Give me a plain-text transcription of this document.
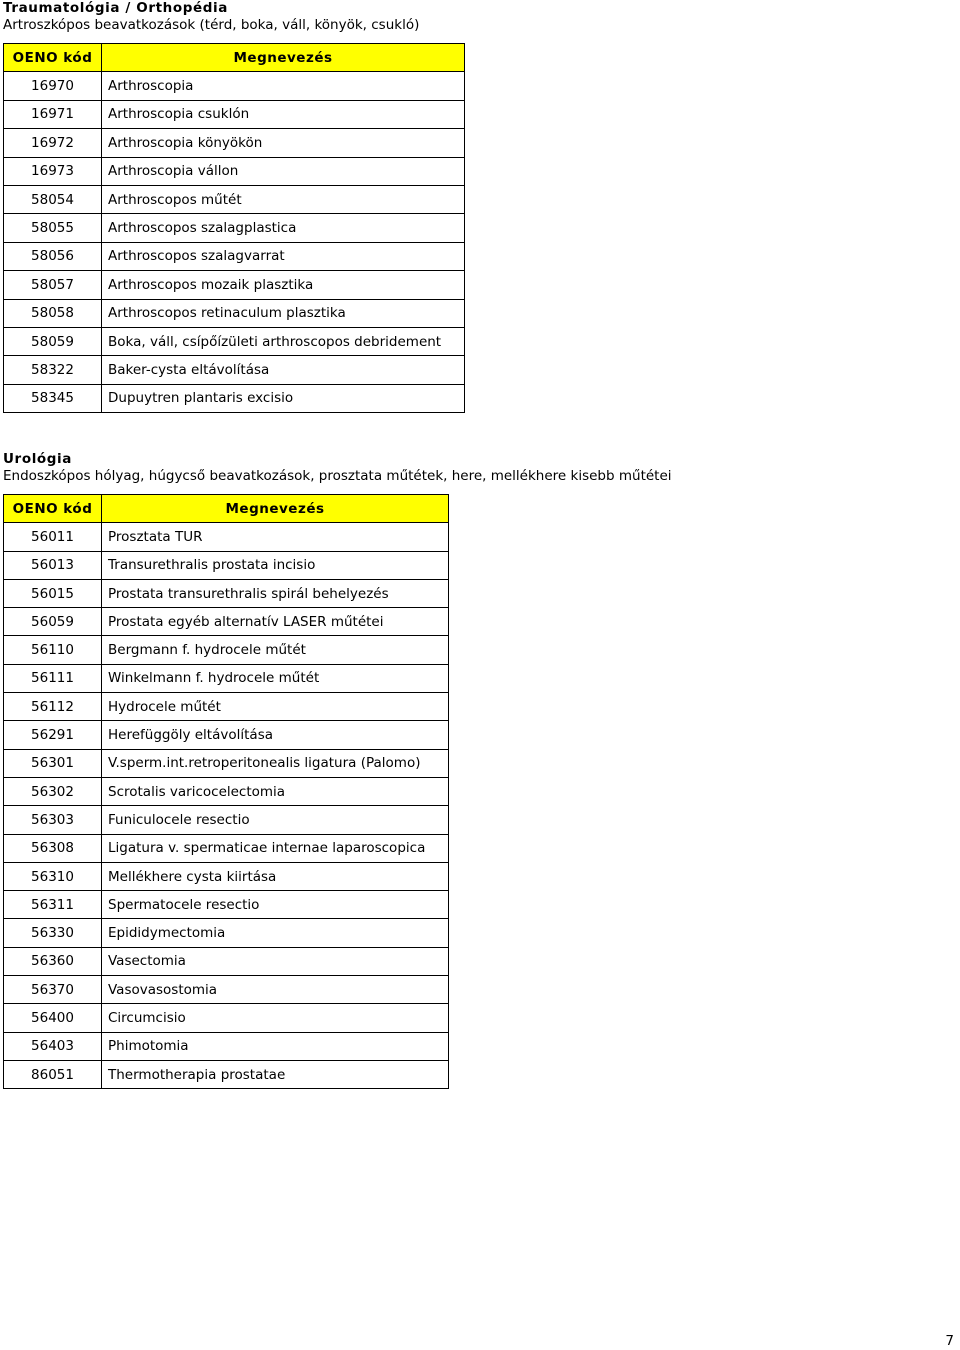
Traumatológia / Orthopédia
Artroszkópos beavatkozások (térd, boka, váll, könyök, csukló)
OENO kód	Megnevezés
16970	Arthroscopia
16971	Arthroscopia csuklón
16972	Arthroscopia könyökön
16973	Arthroscopia vállon
58054	Arthroscopos műtét
58055	Arthroscopos szalagplastica
58056	Arthroscopos szalagvarrat
58057	Arthroscopos mozaik plasztika
58058	Arthroscopos retinaculum plasztika
58059	Boka, váll, csípőízületi arthroscopos debridement
58322	Baker-cysta eltávolítása
58345	Dupuytren plantaris excisio
Urológia
Endoszkópos hólyag, húgycső beavatkozások, prosztata műtétek, here, mellékhere kisebb műtétei
OENO kód	Megnevezés
56011	Prosztata TUR
56013	Transurethralis prostata incisio
56015	Prostata transurethralis spirál behelyezés
56059	Prostata egyéb alternatív LASER műtétei
56110	Bergmann f. hydrocele műtét
56111	Winkelmann f. hydrocele műtét
56112	Hydrocele műtét
56291	Herefüggöly eltávolítása
56301	V.sperm.int.retroperitonealis ligatura (Palomo)
56302	Scrotalis varicocelectomia
56303	Funiculocele resectio
56308	Ligatura v. spermaticae internae laparoscopica
56310	Mellékhere cysta kiirtása
56311	Spermatocele resectio
56330	Epididymectomia
56360	Vasectomia
56370	Vasovasostomia
56400	Circumcisio
56403	Phimotomia
86051	Thermotherapia prostatae
7
